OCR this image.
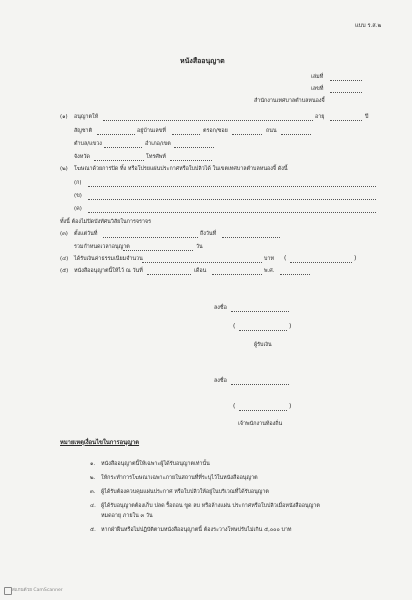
แบบ ร.ส.๒
หนังสืออนุญาต
เล่มที่
เลขที่
สำนักงานเทศบาลตำบลหนองจี้
(๑) อนุญาตให้	อายุ	ปี
สัญชาติ	อยู่บ้านเลขที่	ตรอก/ซอย	ถนน
ตำบล/แขวง	อำเภอ/เขต
จังหวัด	โทรศัพท์
(๒) โฆษณาด้วยการปิด ทิ้ง หรือโปรยแผ่นประกาศหรือใบปลิวได้ ในเขตเทศบาลตำบลหนองจี้ ดังนี้
(ก)
(ข)
(ค)
ทั้งนี้ ต้องไม่ปิดบังทัศนวิสัยในการจราจร
(๓) ตั้งแต่วันที่	ถึงวันที่
รวมกำหนดเวลาอนุญาต	วัน
(๔) ได้รับเงินค่าธรรมเนียมจำนวน	บาท (	)
(๕) หนังสืออนุญาตนี้ให้ไว้ ณ วันที่	เดือน	พ.ศ.
ลงชื่อ
(	)
ผู้รับเงิน
ลงชื่อ
(	)
เจ้าพนักงานท้องถิ่น
หมายเหตุเงื่อนไขในการอนุญาต
๑. หนังสืออนุญาตนี้ให้เฉพาะผู้ได้รับอนุญาตเท่านั้น
๒. ให้กระทำการโฆษณาเฉพาะภายในสถานที่ที่ระบุไว้ในหนังสืออนุญาต
๓. ผู้ได้รับต้องควบคุมแผ่นประกาศ หรือใบปลิวให้อยู่ในบริเวณที่ได้รับอนุญาต
๔. ผู้ได้รับอนุญาตต้องเก็บ ปลด รื้อถอน ขูด ลบ หรือล้างแผ่น ประกาศหรือใบปลิวเมื่อหนังสืออนุญาต
หมดอายุ ภายใน ๓ วัน
๕. หากฝ่าฝืนหรือไม่ปฏิบัติตามหนังสืออนุญาตนี้ ต้องระวางโทษปรับไม่เกิน ๕,๐๐๐ บาท
สแกนด้วย CamScanner
